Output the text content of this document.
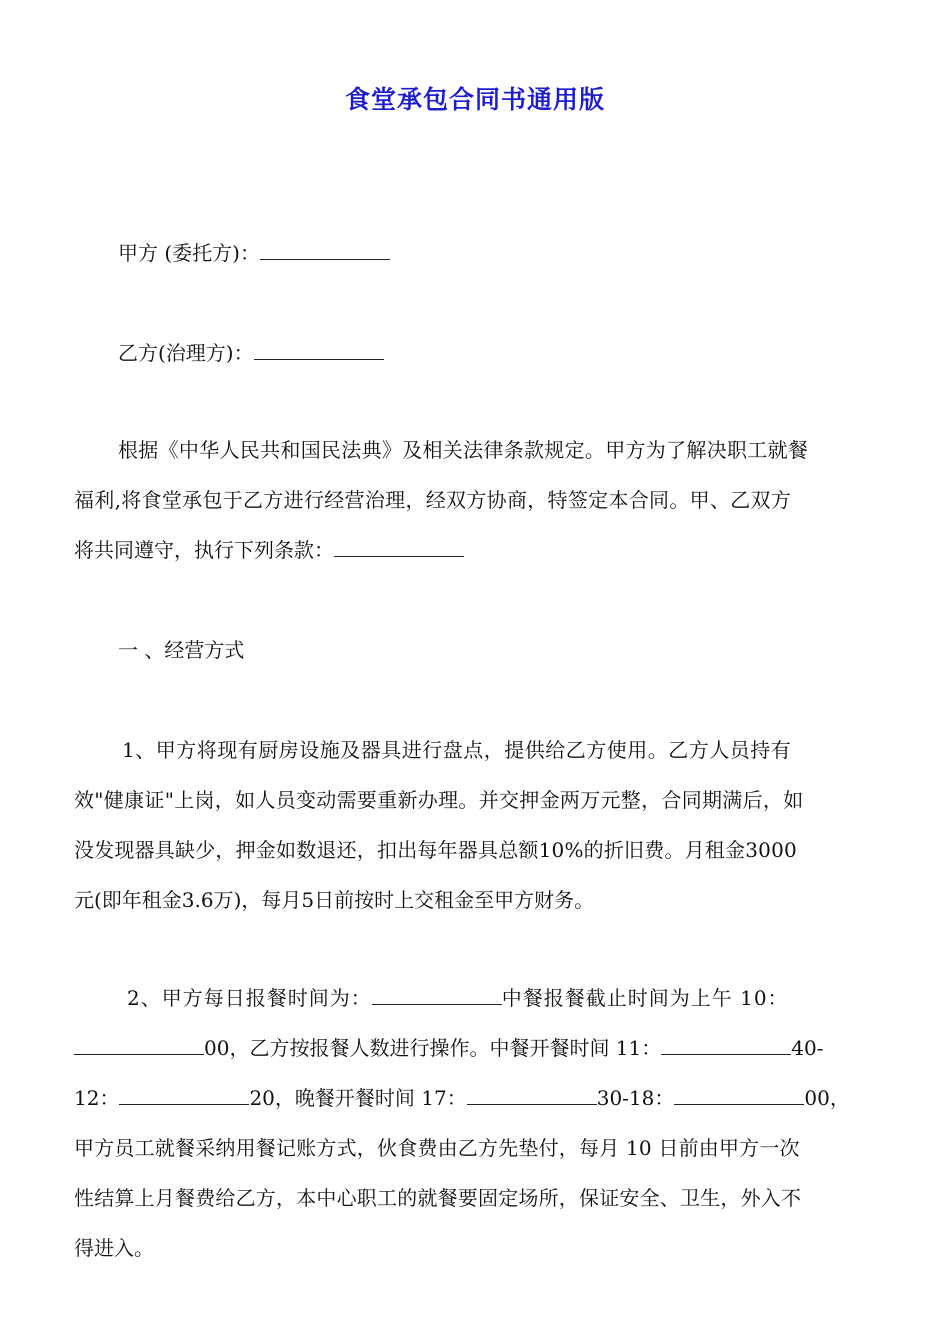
食堂承包合同书通用版
甲方 (委托方)：
乙方(治理方)：
根据《中华人民共和国民法典》及相关法律条款规定。甲方为了解决职工就餐
福利,将食堂承包于乙方进行经营治理，经双方协商，特签定本合同。甲、乙双方
将共同遵守，执行下列条款：
一 、经营方式
1、甲方将现有厨房设施及器具进行盘点，提供给乙方使用。乙方人员持有
效"健康证"上岗，如人员变动需要重新办理。并交押金两万元整，合同期满后，如
没发现器具缺少，押金如数退还，扣出每年器具总额10%的折旧费。月租金3000
元(即年租金3.6万)，每月5日前按时上交租金至甲方财务。
2、甲方每日报餐时间为：	中餐报餐截止时间为上午 10：
00，乙方按报餐人数进行操作。中餐开餐时间 11：	40-
12：	20，晚餐开餐时间 17：	30-18：	00，
甲方员工就餐采纳用餐记账方式，伙食费由乙方先垫付，每月 10 日前由甲方一次
性结算上月餐费给乙方，本中心职工的就餐要固定场所，保证安全、卫生，外入不
得进入。
